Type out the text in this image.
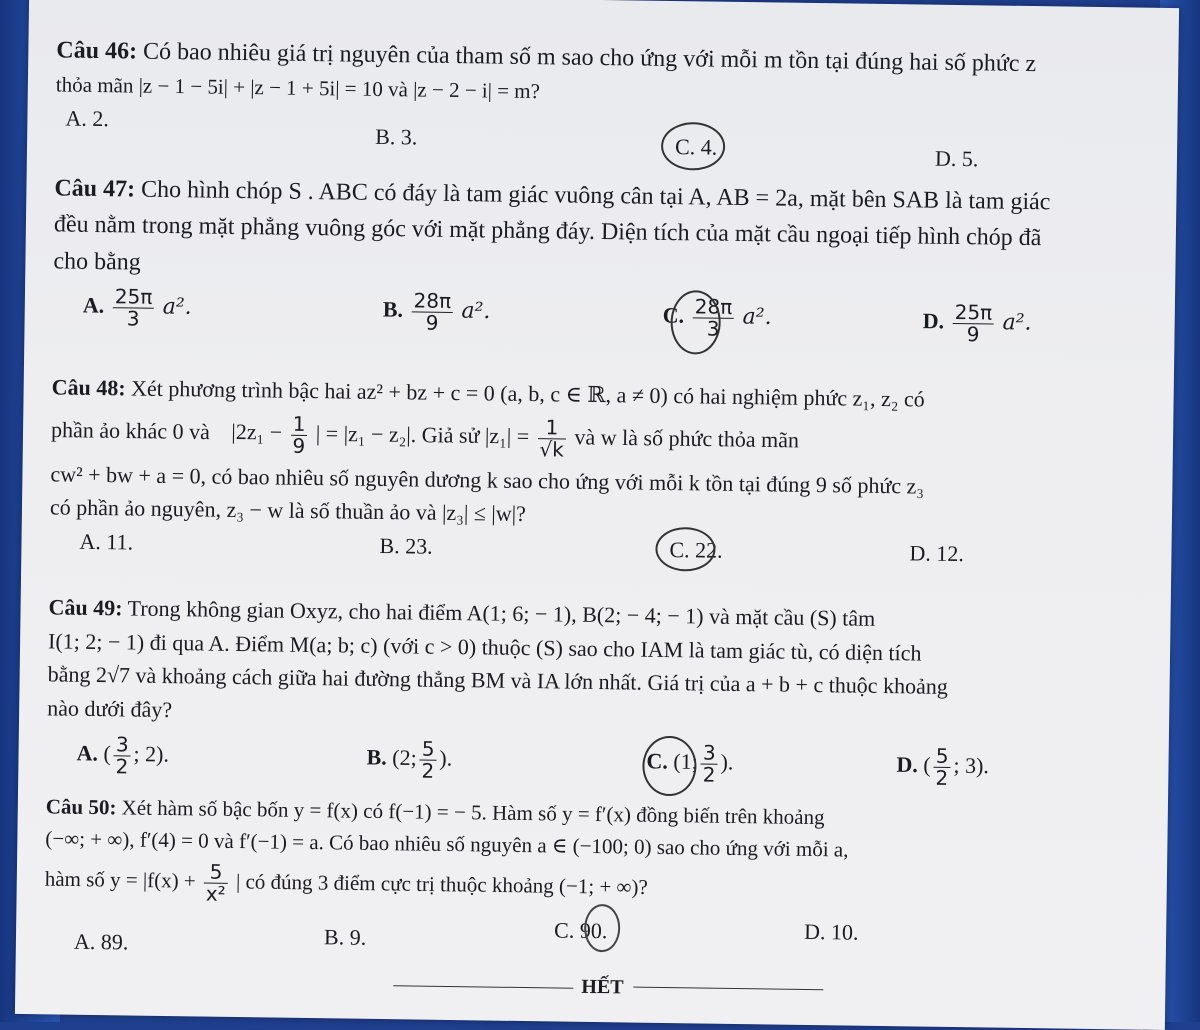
Câu 46: Có bao nhiêu giá trị nguyên của tham số m sao cho ứng với mỗi m tồn tại đúng hai số phức z

thỏa mãn |z − 1 − 5i| + |z − 1 + 5i| = 10 và |z − 2 − i| = m?

A. 2.
B. 3.	C. 4.	D. 5.

Câu 47: Cho hình chóp S . ABC có đáy là tam giác vuông cân tại A, AB = 2a, mặt bên SAB là tam giác

đều nằm trong mặt phẳng vuông góc với mặt phẳng đáy. Diện tích của mặt cầu ngoại tiếp hình chóp đã

cho bằng

A. $\frac{25\pi}{3} a^2$.	B. $\frac{28\pi}{9} a^2$.	C. $\frac{28\pi}{3} a^2$.	D. $\frac{25\pi}{9} a^2$.

Câu 48: Xét phương trình bậc hai az² + bz + c = 0 (a, b, c ∈ ℝ, a ≠ 0) có hai nghiệm phức z₁, z₂ có

phần ảo khác 0 và $|2z_1 - \frac{1}{9}$ | = |z₁ − z₂|. Giả sử $|z_1| = \frac{1}{√k}$ và w là số phức thỏa mãn

cw² + bw + a = 0, có bao nhiêu số nguyên dương k sao cho ứng với mỗi k tồn tại đúng 9 số phức z₃

có phần ảo nguyên, z₃ − w là số thuần ảo và |z₃| ≤ |w|?

A. 11.	B. 23.	C. 22.	D. 12.

Câu 49: Trong không gian Oxyz, cho hai điểm A(1; 6; − 1), B(2; − 4; − 1) và mặt cầu (S) tâm

I(1; 2; − 1) đi qua A. Điểm M(a; b; c) (với c > 0) thuộc (S) sao cho IAM là tam giác tù, có diện tích

bằng 2√7 và khoảng cách giữa hai đường thẳng BM và IA lớn nhất. Giá trị của a + b + c thuộc khoảng

nào dưới đây?

A. ( $\frac{3}{2}$ ; 2).	B. (2; $\frac{5}{2}$ ).	C. (1; $\frac{3}{2}$ ).	D. ( $\frac{5}{2}$ ; 3).

Câu 50: Xét hàm số bậc bốn y = f(x) có f(−1) = − 5. Hàm số y = f′(x) đồng biến trên khoảng

(−∞; + ∞), f′(4) = 0 và f′(−1) = a. Có bao nhiêu số nguyên a ∈ (−100; 0) sao cho ứng với mỗi a,

hàm số $y = |f(x) + \frac{5}{\text{x²}}$ | có đúng 3 điểm cực trị thuộc khoảng (−1; + ∞)?

A. 89.	B. 9.	C. 90.	D. 10.
HẾT
